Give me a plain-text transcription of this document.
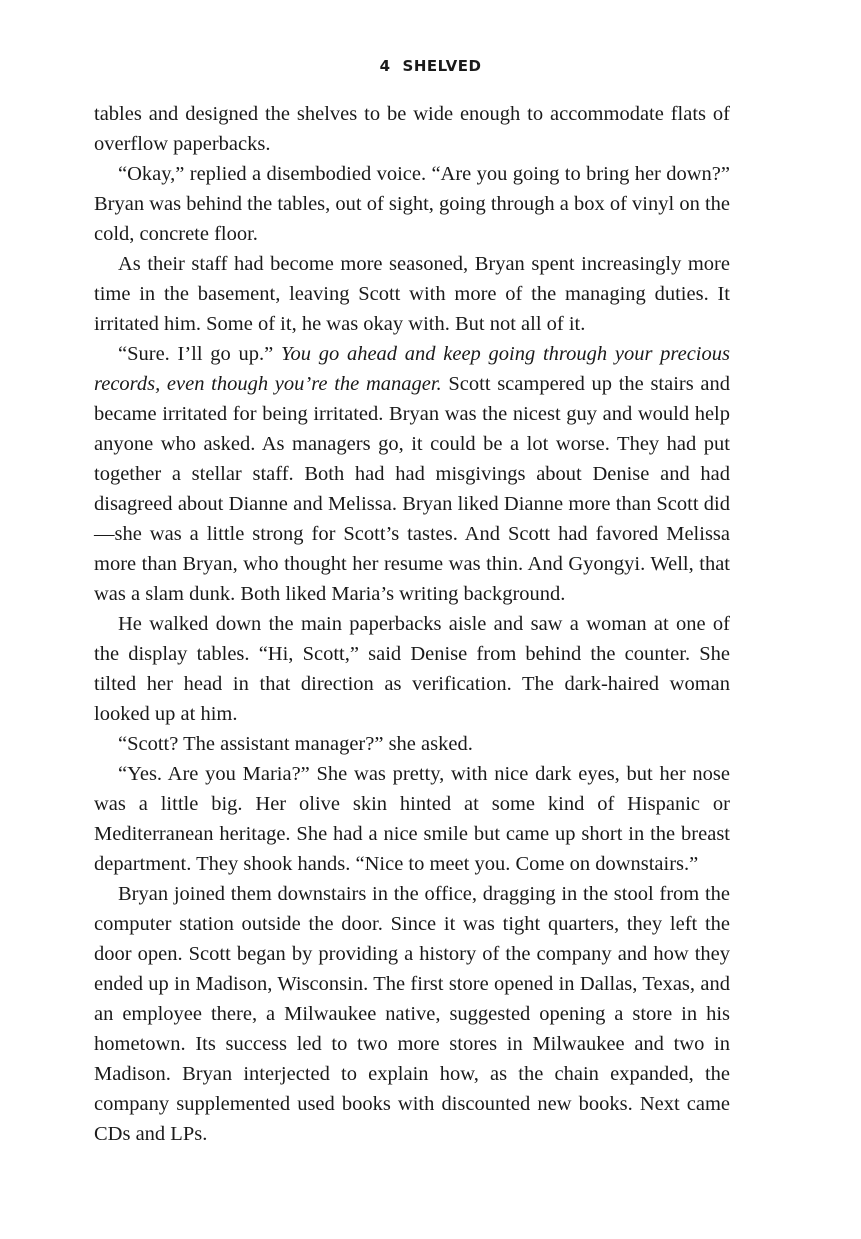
4 SHELVED

tables and designed the shelves to be wide enough to accommodate flats of overflow paperbacks.

“Okay,” replied a disembodied voice. “Are you going to bring her down?” Bryan was behind the tables, out of sight, going through a box of vinyl on the cold, concrete floor.

As their staff had become more seasoned, Bryan spent increasingly more time in the basement, leaving Scott with more of the managing duties. It irritated him. Some of it, he was okay with. But not all of it.

“Sure. I’ll go up.” You go ahead and keep going through your precious records, even though you’re the manager. Scott scampered up the stairs and became irritated for being irritated. Bryan was the nicest guy and would help anyone who asked. As managers go, it could be a lot worse. They had put together a stellar staff. Both had had misgivings about Denise and had disagreed about Dianne and Melissa. Bryan liked Dianne more than Scott did—she was a little strong for Scott’s tastes. And Scott had favored Melissa more than Bryan, who thought her resume was thin. And Gyongyi. Well, that was a slam dunk. Both liked Maria’s writing background.

He walked down the main paperbacks aisle and saw a woman at one of the display tables. “Hi, Scott,” said Denise from behind the counter. She tilted her head in that direction as verification. The dark-haired woman looked up at him.

“Scott? The assistant manager?” she asked.

“Yes. Are you Maria?” She was pretty, with nice dark eyes, but her nose was a little big. Her olive skin hinted at some kind of Hispanic or Mediterranean heritage. She had a nice smile but came up short in the breast department. They shook hands. “Nice to meet you. Come on downstairs.”

Bryan joined them downstairs in the office, dragging in the stool from the computer station outside the door. Since it was tight quarters, they left the door open. Scott began by providing a history of the company and how they ended up in Madison, Wisconsin. The first store opened in Dallas, Texas, and an employee there, a Milwaukee native, suggested opening a store in his hometown. Its success led to two more stores in Milwaukee and two in Madison. Bryan interjected to explain how, as the chain expanded, the company supplemented used books with discounted new books. Next came CDs and LPs.
